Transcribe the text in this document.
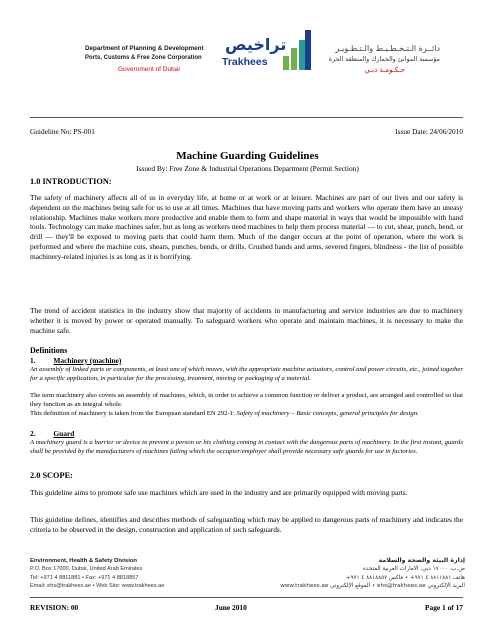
Department of Planning & Development
Ports, Customs & Free Zone Corporation
Government of Dubai
تراخيص
Trakhees
دائــرة الـتـخـطـيـط والـتـطـويـر
مؤسسة الموانئ والجمارك والمنطقة الحرة
حـكـومـة دبـي
Guideline No: PS-001	Issue Date: 24/06/2010
Machine Guarding Guidelines
Issued By: Free Zone & Industrial Operations Department (Permit Section)
1.0 INTRODUCTION:
The safety of machinery affects all of us in everyday life, at home or at work or at leisure. Machines are part of our lives and our safety is dependent on the machines being safe for us to use at all times. Machines that have moving parts and workers who operate them have an uneasy relationship. Machines make workers more productive and enable them to form and shape material in ways that would be impossible with hand tools. Technology can make machines safer, but as long as workers need machines to help them process material — to cut, shear, punch, bend, or drill — they'll be exposed to moving parts that could harm them. Much of the danger occurs at the point of operation, where the work is performed and where the machine cuts, shears, punches, bends, or drills. Crushed hands and arms, severed fingers, blindness - the list of possible machinery-related injuries is as long as it is horrifying.
The trend of accident statistics in the industry show that majority of accidents in manufacturing and service industries are due to machinery whether it is moved by power or operated manually. To safeguard workers who operate and maintain machines, it is necessary to make the machine safe.
Definitions
1. Machinery (machine)
An assembly of linked parts or components, at least one of which moves, with the appropriate machine actuators, control and power circuits, etc., joined together for a specific application, in particular for the processing, treatment, moving or packaging of a material.
The term machinery also covers an assembly of machines, which, in order to achieve a common function or deliver a product, are arranged and controlled so that they function as an integral whole.
This definition of machinery is taken from the European standard EN 292-1: Safety of machinery – Basic concepts, general principles for design.
2. Guard
A machinery guard is a barrier or device to prevent a person or his clothing coming in contact with the dangerous parts of machinery. In the first instant, guards shall be provided by the manufacturers of machines failing which the occupier/employer shall provide necessary safe guards for use in factories.
2.0 SCOPE:
This guideline aims to promote safe use machines which are used in the industry and are primarily equipped with moving parts.
This guideline defines, identifies and describes methods of safeguarding which may be applied to dangerous parts of machinery and indicates the criteria to be observed in the design, construction and application of such safeguards.
Environment, Health & Safety Division
P.O. Box 17000, Dubai, United Arab Emirates
Tel: +971 4 8811881 • Fax: +971 4 8818857
Email: ehs@trakhees.ae • Web Site: www.trakhees.ae
إدارة البيئة والصحة والسلامة
ص.ب. ١٧٠٠٠ دبي، الامارات العربية المتحدة
هاتف ٨٨١١٨٨١ ٤ ٩٧١+ • فاكس ٨٨١٨٨٥٧ ٤ ٩٧١+
البريد الإلكتروني ehs@trakhees.ae • الموقع الإلكتروني www.trakhees.ae
REVISION: 00	June 2010	Page 1 of 17
